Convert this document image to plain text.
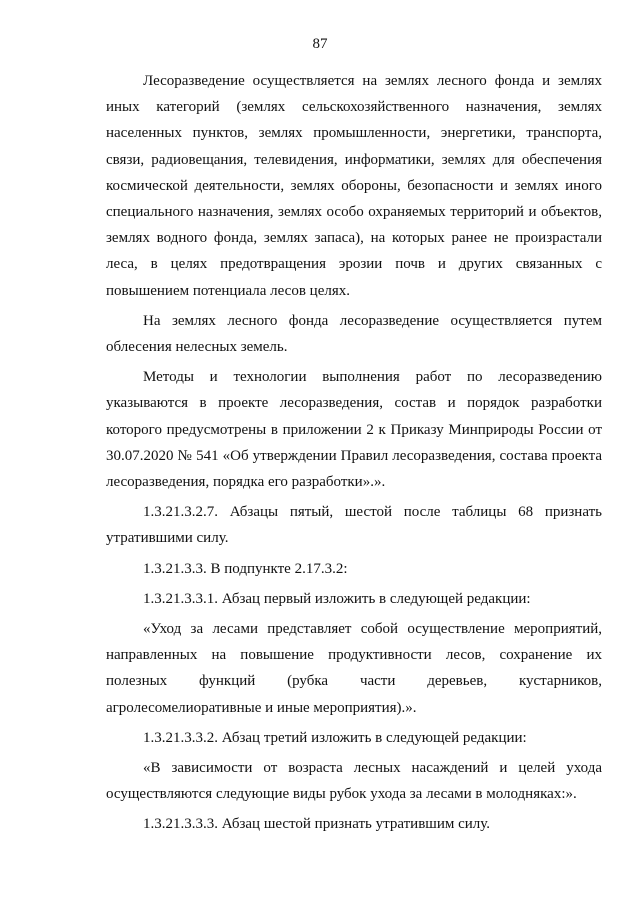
87

Лесоразведение осуществляется на землях лесного фонда и землях иных категорий (землях сельскохозяйственного назначения, землях населенных пунктов, землях промышленности, энергетики, транспорта, связи, радиовещания, телевидения, информатики, землях для обеспечения космической деятельности, землях обороны, безопасности и землях иного специального назначения, землях особо охраняемых территорий и объектов, землях водного фонда, землях запаса), на которых ранее не произрастали леса, в целях предотвращения эрозии почв и других связанных с повышением потенциала лесов целях.

На землях лесного фонда лесоразведение осуществляется путем облесения нелесных земель.

Методы и технологии выполнения работ по лесоразведению указываются в проекте лесоразведения, состав и порядок разработки которого предусмотрены в приложении 2 к Приказу Минприроды России от 30.07.2020 № 541 «Об утверждении Правил лесоразведения, состава проекта лесоразведения, порядка его разработки».».

1.3.21.3.2.7. Абзацы пятый, шестой после таблицы 68 признать утратившими силу.

1.3.21.3.3. В подпункте 2.17.3.2:

1.3.21.3.3.1. Абзац первый изложить в следующей редакции:

«Уход за лесами представляет собой осуществление мероприятий, направленных на повышение продуктивности лесов, сохранение их полезных функций (рубка части деревьев, кустарников, агролесомелиоративные и иные мероприятия).».

1.3.21.3.3.2. Абзац третий изложить в следующей редакции:

«В зависимости от возраста лесных насаждений и целей ухода осуществляются следующие виды рубок ухода за лесами в молодняках:».

1.3.21.3.3.3. Абзац шестой признать утратившим силу.
